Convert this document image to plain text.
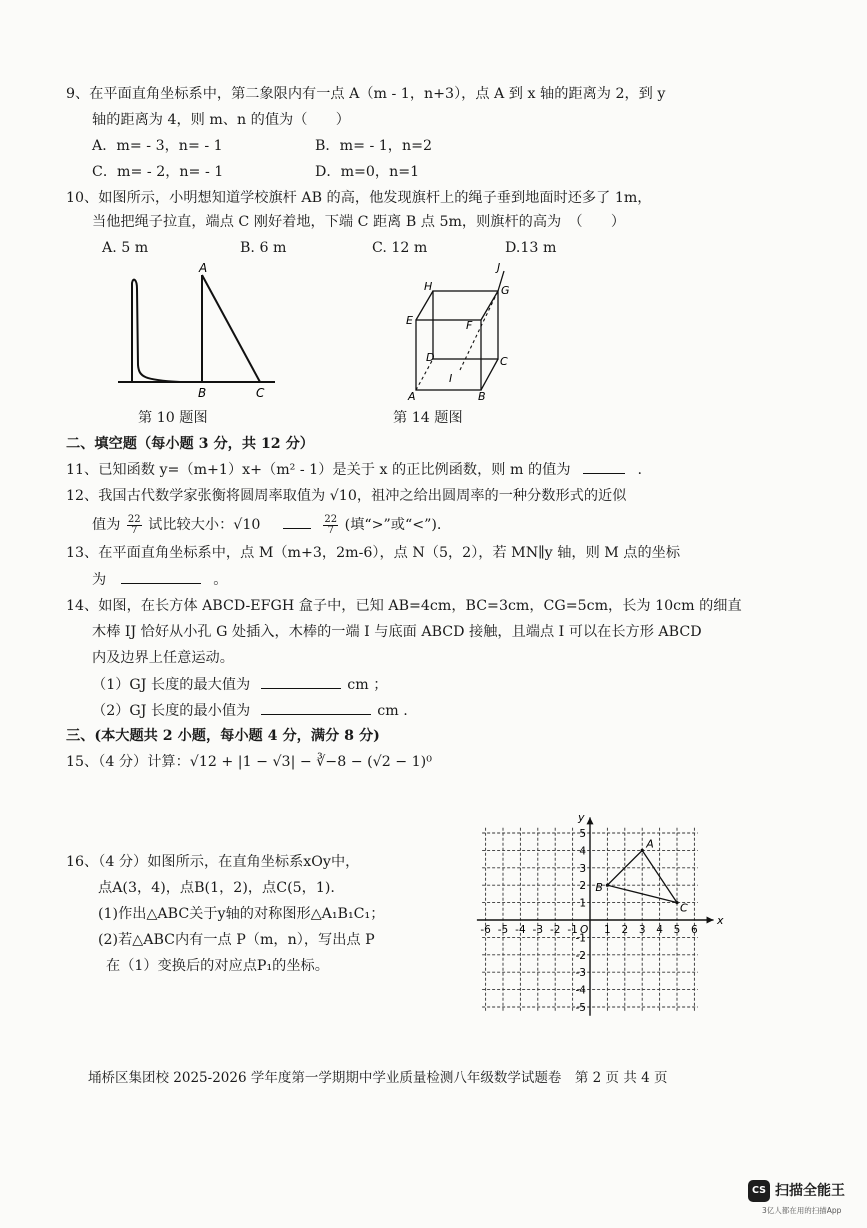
9、在平面直角坐标系中，第二象限内有一点 A（m - 1，n+3），点 A 到 x 轴的距离为 2，到 y
轴的距离为 4，则 m、n 的值为（　　）
A．m= - 3，n= - 1	B．m= - 1，n=2
C．m= - 2，n= - 1	D．m=0，n=1
10、如图所示，小明想知道学校旗杆 AB 的高，他发现旗杆上的绳子垂到地面时还多了 1m，
当他把绳子拉直，端点 C 刚好着地，下端 C 距离 B 点 5m，则旗杆的高为　（　　）
A. 5 m	B. 6 m	C. 12 m	D.13 m
A
B	C
第 10 题图
H
J
G
E	F
D	C
I
A	B
第 14 题图
二、填空题（每小题 3 分，共 12 分）
11、已知函数 y=（m+1）x+（m² - 1）是关于 x 的正比例函数，则 m 的值为	.
12、我国古代数学家张衡将圆周率取值为 √10，祖冲之给出圆周率的一种分数形式的近似
值为 $\frac{22}{7}$ 试比较大小：√10	$\frac{22}{7}$ (填“>”或“<”).
13、在平面直角坐标系中，点 M（m+3，2m-6），点 N（5，2），若 MN∥y 轴，则 M 点的坐标
为	。
14、如图，在长方体 ABCD-EFGH 盒子中，已知 AB=4cm，BC=3cm，CG=5cm，长为 10cm 的细直
木棒 IJ 恰好从小孔 G 处插入，木棒的一端 I 与底面 ABCD 接触，且端点 I 可以在长方形 ABCD
内及边界上任意运动。
（1）GJ 长度的最大值为	cm ；
（2）GJ 长度的最小值为	cm .
三、(本大题共 2 小题，每小题 4 分，满分 8 分)
15、（4 分）计算：√12 + |1 − √3| − ∛−8 − (√2 − 1)⁰
16、（4 分）如图所示，在直角坐标系xOy中，
点A(3，4)，点B(1，2)，点C(5，1).
(1)作出△ABC关于y轴的对称图形△A₁B₁C₁；
(2)若△ABC内有一点 P（m，n），写出点 P
在（1）变换后的对应点P₁的坐标。
x
y
O
-6 -5 -4 -3 -2 -1 1 2 3 4 5 6
5
4
3
2
1
-1
-2
-3
-4
-5
A
B
C
埇桥区集团校 2025-2026 学年度第一学期期中学业质量检测八年级数学试题卷　第 2 页 共 4 页
CS 扫描全能王
3亿人都在用的扫描App
